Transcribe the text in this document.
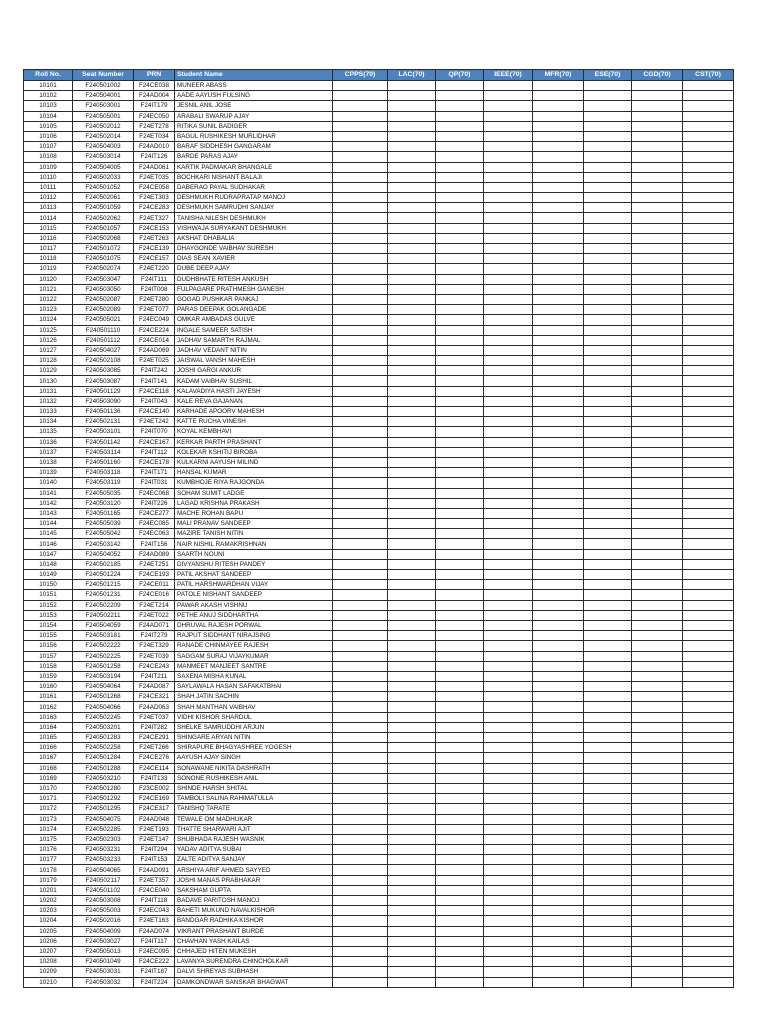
Roll No.	Seat Number	PRN	Student Name	CPPS(70)	LAC(70)	QP(70)	IEEE(70)	MFR(70)	ESE(70)	CGD(70)	CST(70)
10101	F240501002	F24CE038	MUNEER ABASS								
10102	F240504001	F24AD004	AADE AAYUSH FULSING								
10103	F240503001	F24IT179	JESNIL ANIL JOSE								
10104	F240505001	F24EC050	ARABALI SWARUP AJAY								
10105	F240502012	F24ET278	RITIKA SUNIL BADIGER								
10106	F240502014	F24ET034	BAGUL RUSHIKESH MURLIDHAR								
10107	F240504003	F24AD010	BARAF SIDDHESH GANGARAM								
10108	F240503014	F24IT126	BARDE PARAS AJAY								
10109	F240504005	F24AD061	KARTIK PADMAKAR BHANGALE								
10110	F240502033	F24ET035	BOCHKARI NISHANT BALAJI								
10111	F240501052	F24CE058	DABERAO PAYAL SUDHAKAR								
10112	F240502061	F24ET303	DESHMUKH RUDRAPRATAP MANOJ								
10113	F240501059	F24CE283	DESHMUKH SAMRUDHI SANJAY								
10114	F240502062	F24ET327	TANISHA NILESH DESHMUKH								
10115	F240501057	F24CE153	VISHWAJA SURYAKANT DESHMUKH								
10116	F240502068	F24ET263	AKSHAT DHABALIA								
10117	F240501072	F24CE139	DHAYGONDE VAIBHAV SURESH								
10118	F240501075	F24CE157	DIAS SEAN XAVIER								
10119	F240502074	F24ET220	DUBE DEEP AJAY								
10120	F240503047	F24IT111	DUDHBHATE RITESH ANKUSH								
10121	F240503050	F24IT008	FULPAGARE PRATHMESH GANESH								
10122	F240502087	F24ET280	GOGAD PUSHKAR PANKAJ								
10123	F240502089	F24ET077	PARAS DEEPAK GOLANGADE								
10124	F240505021	F24EC049	OMKAR AMBADAS GULVE								
10125	F240501110	F24CE224	INGALE SAMEER SATISH								
10126	F240501112	F24CE014	JADHAV SAMARTH RAJMAL								
10127	F240504027	F24AD069	JADHAV VEDANT NITIN								
10128	F240502108	F24ET025	JAISWAL VANSH MAHESH								
10129	F240503085	F24IT242	JOSHI GARGI ANKUR								
10130	F240503087	F24IT141	KADAM VAIBHAV SUSHIL								
10131	F240501129	F24CE118	KALAVADIYA HASTI JAYESH								
10132	F240503090	F24IT043	KALE REVA GAJANAN								
10133	F240501136	F24CE140	KARHADE APOORV MAHESH								
10134	F240502131	F24ET242	KATTE RUCHA VINESH								
10135	F240503101	F24IT070	KOYAL KEMBHAVI								
10136	F240501142	F24CE167	KERKAR PARTH PRASHANT								
10137	F240503114	F24IT112	KOLEKAR KSHITIJ BIROBA								
10138	F240501160	F24CE178	KULKARNI AAYUSH MILIND								
10139	F240503118	F24IT171	HANSAL KUMAR								
10140	F240503119	F24IT031	KUMBHOJE RIYA RAJGONDA								
10141	F240505035	F24EC068	SOHAM SUMIT LADGE								
10142	F240503120	F24IT226	LAGAD KRISHNA PRAKASH								
10143	F240501165	F24CE277	MACHE ROHAN BAPU								
10144	F240505039	F24EC085	MALI PRANAV SANDEEP								
10145	F240505042	F24EC063	MAZIRE TANISH NITIN								
10146	F240503142	F24IT156	NAIR NISHIL RAMAKRISHNAN								
10147	F240504052	F24AD089	SAARTH NOUNI								
10148	F240502185	F24ET251	DIVYANSHU RITESH PANDEY								
10149	F240501224	F24CE193	PATIL AKSHAT SANDEEP								
10150	F240501215	F24CE011	PATIL HARSHWARDHAN VIJAY								
10151	F240501231	F24CE016	PATOLE NISHANT SANDEEP								
10152	F240502209	F24ET214	PAWAR AKASH VISHNU								
10153	F240502211	F24ET022	PETHE ANUJ SIDDHARTHA								
10154	F240504059	F24AD071	DHRUVAL RAJESH PORWAL								
10155	F240503181	F24IT279	RAJPUT SIDDHANT NIRAJSING								
10156	F240502222	F24ET329	RANADE CHINMAYEE RAJESH								
10157	F240502225	F24ET039	SAGGAM SURAJ VIJAYKUMAR								
10158	F240501258	F24CE243	MANMEET MANJEET SANTRE								
10159	F240503194	F24IT211	SAXENA MISHA KUNAL								
10160	F240504064	F24AD087	SAYLAWALA HASAN SAFAKATBHAI								
10161	F240501268	F24CE321	SHAH JATIN SACHIN								
10162	F240504066	F24AD063	SHAH MANTHAN VAIBHAV								
10163	F240502245	F24ET037	VIDHI KISHOR SHARDUL								
10164	F240503201	F24IT282	SHELKE SAMRUDDHI ARJUN								
10165	F240501283	F24CE291	SHINGARE ARYAN NITIN								
10166	F240502258	F24ET266	SHIRAPURE BHAGYASHREE YOGESH								
10167	F240501284	F24CE276	AAYUSH AJAY SINGH								
10168	F240501288	F24CE114	SONAWANE NIKITA DASHRATH								
10169	F240503210	F24IT133	SONONE RUSHIKESH ANIL								
10170	F240501280	F23CE002	SHINDE HARSH SHITAL								
10171	F240501292	F24CE169	TAMBOLI SALINA RAHIMATULLA								
10172	F240501295	F24CE317	TANISHQ TARATE								
10173	F240504075	F24AD048	TEWALE OM MADHUKAR								
10174	F240502285	F24ET193	THATTE SHARWARI AJIT								
10175	F240502303	F24ET147	SHUBHADA RAJESH WASNIK								
10176	F240503231	F24IT294	YADAV ADITYA SUBAI								
10177	F240503233	F24IT153	ZALTE ADITYA SANJAY								
10178	F240504065	F24AD091	ARSHIYA ARIF AHMED SAYYED								
10179	F240502117	F24ET357	JOSHI MANAS PRABHAKAR								
10201	F240501102	F24CE040	SAKSHAM GUPTA								
10202	F240503008	F24IT118	BADAVE PARITOSH MANOJ								
10203	F240505003	F24EC043	BAHETI MUKUND NAVALKISHOR								
10204	F240502016	F24ET163	BANDGAR RADHIKA KISHOR								
10205	F240504009	F24AD074	VIKRANT PRASHANT BURDE								
10206	F240503027	F24IT117	CHAVHAN YASH KAILAS								
10207	F240505013	F24EC095	CHHAJED HITEN MUKESH								
10208	F240501049	F24CE222	LAVANYA SURENDRA CHINCHOLKAR								
10209	F240503031	F24IT187	DALVI SHREYAS SUBHASH								
10210	F240503032	F24IT224	DAMKONDWAR SANSKAR BHAGWAT								
